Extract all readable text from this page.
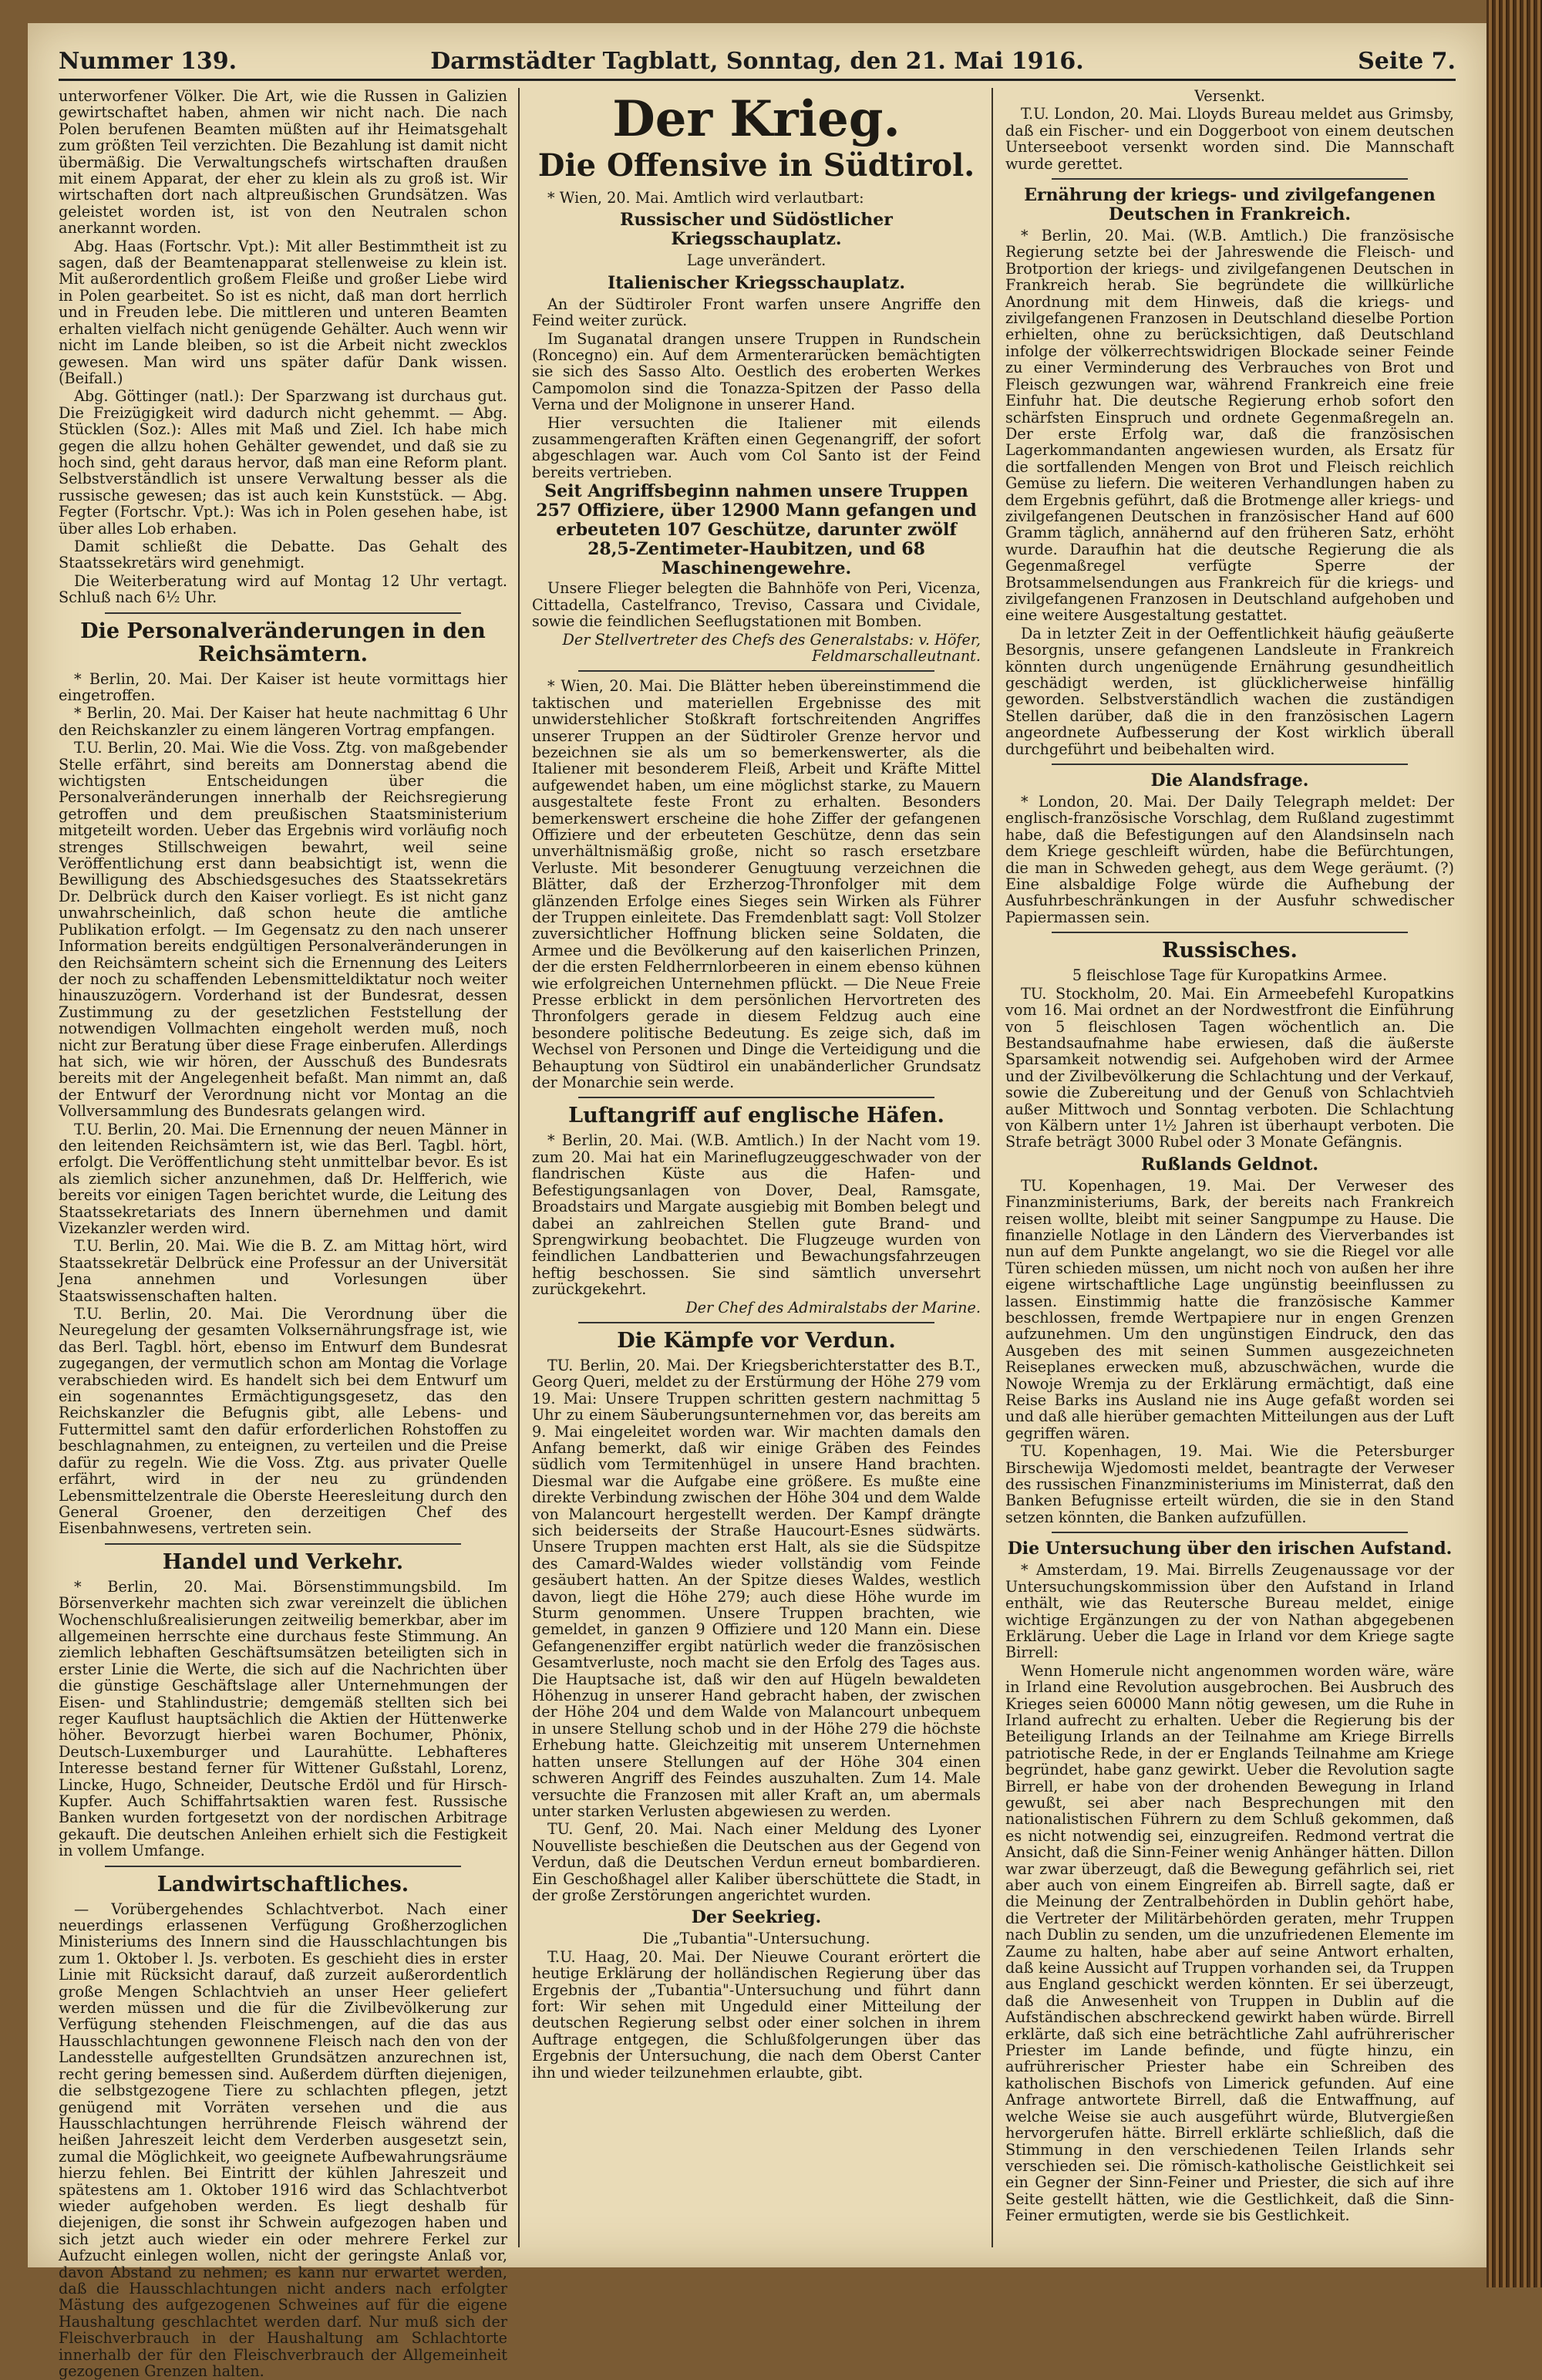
Nummer 139.	Darmstädter Tagblatt, Sonntag, den 21. Mai 1916.	Seite 7.

unterworfener Völker. Die Art, wie die Russen in Galizien gewirtschaftet haben, ahmen wir nicht nach. Die nach Polen berufenen Beamten müßten auf ihr Heimatsgehalt zum größten Teil verzichten. Die Bezahlung ist damit nicht übermäßig. Die Verwaltungschefs wirtschaften draußen mit einem Apparat, der eher zu klein als zu groß ist. Wir wirtschaften dort nach altpreußischen Grundsätzen. Was geleistet worden ist, ist von den Neutralen schon anerkannt worden.

Abg. Haas (Fortschr. Vpt.): Mit aller Bestimmtheit ist zu sagen, daß der Beamtenapparat stellenweise zu klein ist. Mit außerordentlich großem Fleiße und großer Liebe wird in Polen gearbeitet. So ist es nicht, daß man dort herrlich und in Freuden lebe. Die mittleren und unteren Beamten erhalten vielfach nicht genügende Gehälter. Auch wenn wir nicht im Lande bleiben, so ist die Arbeit nicht zwecklos gewesen. Man wird uns später dafür Dank wissen. (Beifall.)

Abg. Göttinger (natl.): Der Sparzwang ist durchaus gut. Die Freizügigkeit wird dadurch nicht gehemmt. — Abg. Stücklen (Soz.): Alles mit Maß und Ziel. Ich habe mich gegen die allzu hohen Gehälter gewendet, und daß sie zu hoch sind, geht daraus hervor, daß man eine Reform plant. Selbstverständlich ist unsere Verwaltung besser als die russische gewesen; das ist auch kein Kunststück. — Abg. Fegter (Fortschr. Vpt.): Was ich in Polen gesehen habe, ist über alles Lob erhaben.

Damit schließt die Debatte. Das Gehalt des Staatssekretärs wird genehmigt.

Die Weiterberatung wird auf Montag 12 Uhr vertagt. Schluß nach 6½ Uhr.

Die Personalveränderungen in den Reichsämtern.

* Berlin, 20. Mai. Der Kaiser ist heute vormittags hier eingetroffen.

* Berlin, 20. Mai. Der Kaiser hat heute nachmittag 6 Uhr den Reichskanzler zu einem längeren Vortrag empfangen.

T.U. Berlin, 20. Mai. Wie die Voss. Ztg. von maßgebender Stelle erfährt, sind bereits am Donnerstag abend die wichtigsten Entscheidungen über die Personalveränderungen innerhalb der Reichsregierung getroffen und dem preußischen Staatsministerium mitgeteilt worden. Ueber das Ergebnis wird vorläufig noch strenges Stillschweigen bewahrt, weil seine Veröffentlichung erst dann beabsichtigt ist, wenn die Bewilligung des Abschiedsgesuches des Staatssekretärs Dr. Delbrück durch den Kaiser vorliegt. Es ist nicht ganz unwahrscheinlich, daß schon heute die amtliche Publikation erfolgt. — Im Gegensatz zu den nach unserer Information bereits endgültigen Personalveränderungen in den Reichsämtern scheint sich die Ernennung des Leiters der noch zu schaffenden Lebensmitteldiktatur noch weiter hinauszuzögern. Vorderhand ist der Bundesrat, dessen Zustimmung zu der gesetzlichen Feststellung der notwendigen Vollmachten eingeholt werden muß, noch nicht zur Beratung über diese Frage einberufen. Allerdings hat sich, wie wir hören, der Ausschuß des Bundesrats bereits mit der Angelegenheit befaßt. Man nimmt an, daß der Entwurf der Verordnung nicht vor Montag an die Vollversammlung des Bundesrats gelangen wird.

T.U. Berlin, 20. Mai. Die Ernennung der neuen Männer in den leitenden Reichsämtern ist, wie das Berl. Tagbl. hört, erfolgt. Die Veröffentlichung steht unmittelbar bevor. Es ist als ziemlich sicher anzunehmen, daß Dr. Helfferich, wie bereits vor einigen Tagen berichtet wurde, die Leitung des Staatssekretariats des Innern übernehmen und damit Vizekanzler werden wird.

T.U. Berlin, 20. Mai. Wie die B. Z. am Mittag hört, wird Staatssekretär Delbrück eine Professur an der Universität Jena annehmen und Vorlesungen über Staatswissenschaften halten.

T.U. Berlin, 20. Mai. Die Verordnung über die Neuregelung der gesamten Volksernährungsfrage ist, wie das Berl. Tagbl. hört, ebenso im Entwurf dem Bundesrat zugegangen, der vermutlich schon am Montag die Vorlage verabschieden wird. Es handelt sich bei dem Entwurf um ein sogenanntes Ermächtigungsgesetz, das den Reichskanzler die Befugnis gibt, alle Lebens- und Futtermittel samt den dafür erforderlichen Rohstoffen zu beschlagnahmen, zu enteignen, zu verteilen und die Preise dafür zu regeln. Wie die Voss. Ztg. aus privater Quelle erfährt, wird in der neu zu gründenden Lebensmittelzentrale die Oberste Heeresleitung durch den General Groener, den derzeitigen Chef des Eisenbahnwesens, vertreten sein.

Handel und Verkehr.

* Berlin, 20. Mai. Börsenstimmungsbild. Im Börsenverkehr machten sich zwar vereinzelt die üblichen Wochenschlußrealisierungen zeitweilig bemerkbar, aber im allgemeinen herrschte eine durchaus feste Stimmung. An ziemlich lebhaften Geschäftsumsätzen beteiligten sich in erster Linie die Werte, die sich auf die Nachrichten über die günstige Geschäftslage aller Unternehmungen der Eisen- und Stahlindustrie; demgemäß stellten sich bei reger Kauflust hauptsächlich die Aktien der Hüttenwerke höher. Bevorzugt hierbei waren Bochumer, Phönix, Deutsch-Luxemburger und Laurahütte. Lebhafteres Interesse bestand ferner für Wittener Gußstahl, Lorenz, Lincke, Hugo, Schneider, Deutsche Erdöl und für Hirsch-Kupfer. Auch Schiffahrtsaktien waren fest. Russische Banken wurden fortgesetzt von der nordischen Arbitrage gekauft. Die deutschen Anleihen erhielt sich die Festigkeit in vollem Umfange.

Landwirtschaftliches.

— Vorübergehendes Schlachtverbot. Nach einer neuerdings erlassenen Verfügung Großherzoglichen Ministeriums des Innern sind die Hausschlachtungen bis zum 1. Oktober l. Js. verboten. Es geschieht dies in erster Linie mit Rücksicht darauf, daß zurzeit außerordentlich große Mengen Schlachtvieh an unser Heer geliefert werden müssen und die für die Zivilbevölkerung zur Verfügung stehenden Fleischmengen, auf die das aus Hausschlachtungen gewonnene Fleisch nach den von der Landesstelle aufgestellten Grundsätzen anzurechnen ist, recht gering bemessen sind. Außerdem dürften diejenigen, die selbstgezogene Tiere zu schlachten pflegen, jetzt genügend mit Vorräten versehen und die aus Hausschlachtungen herrührende Fleisch während der heißen Jahreszeit leicht dem Verderben ausgesetzt sein, zumal die Möglichkeit, wo geeignete Aufbewahrungsräume hierzu fehlen. Bei Eintritt der kühlen Jahreszeit und spätestens am 1. Oktober 1916 wird das Schlachtverbot wieder aufgehoben werden. Es liegt deshalb für diejenigen, die sonst ihr Schwein aufgezogen haben und sich jetzt auch wieder ein oder mehrere Ferkel zur Aufzucht einlegen wollen, nicht der geringste Anlaß vor, davon Abstand zu nehmen; es kann nur erwartet werden, daß die Hausschlachtungen nicht anders nach erfolgter Mästung des aufgezogenen Schweines auf für die eigene Haushaltung geschlachtet werden darf. Nur muß sich der Fleischverbrauch in der Haushaltung am Schlachtorte innerhalb der für den Fleischverbrauch der Allgemeinheit gezogenen Grenzen halten.

Der Krieg.
Die Offensive in Südtirol.

* Wien, 20. Mai. Amtlich wird verlautbart:

Russischer und Südöstlicher Kriegsschauplatz.

Lage unverändert.

Italienischer Kriegsschauplatz.

An der Südtiroler Front warfen unsere Angriffe den Feind weiter zurück.

Im Suganatal drangen unsere Truppen in Rundschein (Roncegno) ein. Auf dem Armenterarücken bemächtigten sie sich des Sasso Alto. Oestlich des eroberten Werkes Campomolon sind die Tonazza-Spitzen der Passo della Verna und der Molignone in unserer Hand.

Hier versuchten die Italiener mit eilends zusammengeraften Kräften einen Gegenangriff, der sofort abgeschlagen war. Auch vom Col Santo ist der Feind bereits vertrieben.

Seit Angriffsbeginn nahmen unsere Truppen 257 Offiziere, über 12900 Mann gefangen und erbeuteten 107 Geschütze, darunter zwölf 28,5-Zentimeter-Haubitzen, und 68 Maschinengewehre.

Unsere Flieger belegten die Bahnhöfe von Peri, Vicenza, Cittadella, Castelfranco, Treviso, Cassara und Cividale, sowie die feindlichen Seeflugstationen mit Bomben.

Der Stellvertreter des Chefs des Generalstabs: v. Höfer, Feldmarschalleutnant.

* Wien, 20. Mai. Die Blätter heben übereinstimmend die taktischen und materiellen Ergebnisse des mit unwiderstehlicher Stoßkraft fortschreitenden Angriffes unserer Truppen an der Südtiroler Grenze hervor und bezeichnen sie als um so bemerkenswerter, als die Italiener mit besonderem Fleiß, Arbeit und Kräfte Mittel aufgewendet haben, um eine möglichst starke, zu Mauern ausgestaltete feste Front zu erhalten. Besonders bemerkenswert erscheine die hohe Ziffer der gefangenen Offiziere und der erbeuteten Geschütze, denn das sein unverhältnismäßig große, nicht so rasch ersetzbare Verluste. Mit besonderer Genugtuung verzeichnen die Blätter, daß der Erzherzog-Thronfolger mit dem glänzenden Erfolge eines Sieges sein Wirken als Führer der Truppen einleitete. Das Fremdenblatt sagt: Voll Stolzer zuversichtlicher Hoffnung blicken seine Soldaten, die Armee und die Bevölkerung auf den kaiserlichen Prinzen, der die ersten Feldherrnlorbeeren in einem ebenso kühnen wie erfolgreichen Unternehmen pflückt. — Die Neue Freie Presse erblickt in dem persönlichen Hervortreten des Thronfolgers gerade in diesem Feldzug auch eine besondere politische Bedeutung. Es zeige sich, daß im Wechsel von Personen und Dinge die Verteidigung und die Behauptung von Südtirol ein unabänderlicher Grundsatz der Monarchie sein werde.

Luftangriff auf englische Häfen.

* Berlin, 20. Mai. (W.B. Amtlich.) In der Nacht vom 19. zum 20. Mai hat ein Marineflugzeuggeschwader von der flandrischen Küste aus die Hafen- und Befestigungsanlagen von Dover, Deal, Ramsgate, Broadstairs und Margate ausgiebig mit Bomben belegt und dabei an zahlreichen Stellen gute Brand- und Sprengwirkung beobachtet. Die Flugzeuge wurden von feindlichen Landbatterien und Bewachungsfahrzeugen heftig beschossen. Sie sind sämtlich unversehrt zurückgekehrt.

Der Chef des Admiralstabs der Marine.

Die Kämpfe vor Verdun.

TU. Berlin, 20. Mai. Der Kriegsberichterstatter des B.T., Georg Queri, meldet zu der Erstürmung der Höhe 279 vom 19. Mai: Unsere Truppen schritten gestern nachmittag 5 Uhr zu einem Säuberungsunternehmen vor, das bereits am 9. Mai eingeleitet worden war. Wir machten damals den Anfang bemerkt, daß wir einige Gräben des Feindes südlich vom Termitenhügel in unsere Hand brachten. Diesmal war die Aufgabe eine größere. Es mußte eine direkte Verbindung zwischen der Höhe 304 und dem Walde von Malancourt hergestellt werden. Der Kampf drängte sich beiderseits der Straße Haucourt-Esnes südwärts. Unsere Truppen machten erst Halt, als sie die Südspitze des Camard-Waldes wieder vollständig vom Feinde gesäubert hatten. An der Spitze dieses Waldes, westlich davon, liegt die Höhe 279; auch diese Höhe wurde im Sturm genommen. Unsere Truppen brachten, wie gemeldet, in ganzen 9 Offiziere und 120 Mann ein. Diese Gefangenenziffer ergibt natürlich weder die französischen Gesamtverluste, noch macht sie den Erfolg des Tages aus. Die Hauptsache ist, daß wir den auf Hügeln bewaldeten Höhenzug in unserer Hand gebracht haben, der zwischen der Höhe 204 und dem Walde von Malancourt unbequem in unsere Stellung schob und in der Höhe 279 die höchste Erhebung hatte. Gleichzeitig mit unserem Unternehmen hatten unsere Stellungen auf der Höhe 304 einen schweren Angriff des Feindes auszuhalten. Zum 14. Male versuchte die Franzosen mit aller Kraft an, um abermals unter starken Verlusten abgewiesen zu werden.

TU. Genf, 20. Mai. Nach einer Meldung des Lyoner Nouvelliste beschießen die Deutschen aus der Gegend von Verdun, daß die Deutschen Verdun erneut bombardieren. Ein Geschoßhagel aller Kaliber überschüttete die Stadt, in der große Zerstörungen angerichtet wurden.

Der Seekrieg.

Die „Tubantia"-Untersuchung.

T.U. Haag, 20. Mai. Der Nieuwe Courant erörtert die heutige Erklärung der holländischen Regierung über das Ergebnis der „Tubantia"-Untersuchung und führt dann fort: Wir sehen mit Ungeduld einer Mitteilung der deutschen Regierung selbst oder einer solchen in ihrem Auftrage entgegen, die Schlußfolgerungen über das Ergebnis der Untersuchung, die nach dem Oberst Canter ihn und wieder teilzunehmen erlaubte, gibt.

Versenkt.

T.U. London, 20. Mai. Lloyds Bureau meldet aus Grimsby, daß ein Fischer- und ein Doggerboot von einem deutschen Unterseeboot versenkt worden sind. Die Mannschaft wurde gerettet.

Ernährung der kriegs- und zivilgefangenen Deutschen in Frankreich.

* Berlin, 20. Mai. (W.B. Amtlich.) Die französische Regierung setzte bei der Jahreswende die Fleisch- und Brotportion der kriegs- und zivilgefangenen Deutschen in Frankreich herab. Sie begründete die willkürliche Anordnung mit dem Hinweis, daß die kriegs- und zivilgefangenen Franzosen in Deutschland dieselbe Portion erhielten, ohne zu berücksichtigen, daß Deutschland infolge der völkerrechtswidrigen Blockade seiner Feinde zu einer Verminderung des Verbrauches von Brot und Fleisch gezwungen war, während Frankreich eine freie Einfuhr hat. Die deutsche Regierung erhob sofort den schärfsten Einspruch und ordnete Gegenmaßregeln an. Der erste Erfolg war, daß die französischen Lagerkommandanten angewiesen wurden, als Ersatz für die sortfallenden Mengen von Brot und Fleisch reichlich Gemüse zu liefern. Die weiteren Verhandlungen haben zu dem Ergebnis geführt, daß die Brotmenge aller kriegs- und zivilgefangenen Deutschen in französischer Hand auf 600 Gramm täglich, annähernd auf den früheren Satz, erhöht wurde. Daraufhin hat die deutsche Regierung die als Gegenmaßregel verfügte Sperre der Brotsammelsendungen aus Frankreich für die kriegs- und zivilgefangenen Franzosen in Deutschland aufgehoben und eine weitere Ausgestaltung gestattet.

Da in letzter Zeit in der Oeffentlichkeit häufig geäußerte Besorgnis, unsere gefangenen Landsleute in Frankreich könnten durch ungenügende Ernährung gesundheitlich geschädigt werden, ist glücklicherweise hinfällig geworden. Selbstverständlich wachen die zuständigen Stellen darüber, daß die in den französischen Lagern angeordnete Aufbesserung der Kost wirklich überall durchgeführt und beibehalten wird.

Die Alandsfrage.

* London, 20. Mai. Der Daily Telegraph meldet: Der englisch-französische Vorschlag, dem Rußland zugestimmt habe, daß die Befestigungen auf den Alandsinseln nach dem Kriege geschleift würden, habe die Befürchtungen, die man in Schweden gehegt, aus dem Wege geräumt. (?) Eine alsbaldige Folge würde die Aufhebung der Ausfuhrbeschränkungen in der Ausfuhr schwedischer Papiermassen sein.

Russisches.

5 fleischlose Tage für Kuropatkins Armee.

TU. Stockholm, 20. Mai. Ein Armeebefehl Kuropatkins vom 16. Mai ordnet an der Nordwestfront die Einführung von 5 fleischlosen Tagen wöchentlich an. Die Bestandsaufnahme habe erwiesen, daß die äußerste Sparsamkeit notwendig sei. Aufgehoben wird der Armee und der Zivilbevölkerung die Schlachtung und der Verkauf, sowie die Zubereitung und der Genuß von Schlachtvieh außer Mittwoch und Sonntag verboten. Die Schlachtung von Kälbern unter 1½ Jahren ist überhaupt verboten. Die Strafe beträgt 3000 Rubel oder 3 Monate Gefängnis.

Rußlands Geldnot.

TU. Kopenhagen, 19. Mai. Der Verweser des Finanzministeriums, Bark, der bereits nach Frankreich reisen wollte, bleibt mit seiner Sangpumpe zu Hause. Die finanzielle Notlage in den Ländern des Vierverbandes ist nun auf dem Punkte angelangt, wo sie die Riegel vor alle Türen schieden müssen, um nicht noch von außen her ihre eigene wirtschaftliche Lage ungünstig beeinflussen zu lassen. Einstimmig hatte die französische Kammer beschlossen, fremde Wertpapiere nur in engen Grenzen aufzunehmen. Um den ungünstigen Eindruck, den das Ausgeben des mit seinen Summen ausgezeichneten Reiseplanes erwecken muß, abzuschwächen, wurde die Nowoje Wremja zu der Erklärung ermächtigt, daß eine Reise Barks ins Ausland nie ins Auge gefaßt worden sei und daß alle hierüber gemachten Mitteilungen aus der Luft gegriffen wären.

TU. Kopenhagen, 19. Mai. Wie die Petersburger Birschewija Wjedomosti meldet, beantragte der Verweser des russischen Finanzministeriums im Ministerrat, daß den Banken Befugnisse erteilt würden, die sie in den Stand setzen könnten, die Banken aufzufüllen.

Die Untersuchung über den irischen Aufstand.

* Amsterdam, 19. Mai. Birrells Zeugenaussage vor der Untersuchungskommission über den Aufstand in Irland enthält, wie das Reutersche Bureau meldet, einige wichtige Ergänzungen zu der von Nathan abgegebenen Erklärung. Ueber die Lage in Irland vor dem Kriege sagte Birrell:

Wenn Homerule nicht angenommen worden wäre, wäre in Irland eine Revolution ausgebrochen. Bei Ausbruch des Krieges seien 60000 Mann nötig gewesen, um die Ruhe in Irland aufrecht zu erhalten. Ueber die Regierung bis der Beteiligung Irlands an der Teilnahme am Kriege Birrells patriotische Rede, in der er Englands Teilnahme am Kriege begründet, habe ganz gewirkt. Ueber die Revolution sagte Birrell, er habe von der drohenden Bewegung in Irland gewußt, sei aber nach Besprechungen mit den nationalistischen Führern zu dem Schluß gekommen, daß es nicht notwendig sei, einzugreifen. Redmond vertrat die Ansicht, daß die Sinn-Feiner wenig Anhänger hätten. Dillon war zwar überzeugt, daß die Bewegung gefährlich sei, riet aber auch von einem Eingreifen ab. Birrell sagte, daß er die Meinung der Zentralbehörden in Dublin gehört habe, die Vertreter der Militärbehörden geraten, mehr Truppen nach Dublin zu senden, um die unzufriedenen Elemente im Zaume zu halten, habe aber auf seine Antwort erhalten, daß keine Aussicht auf Truppen vorhanden sei, da Truppen aus England geschickt werden könnten. Er sei überzeugt, daß die Anwesenheit von Truppen in Dublin auf die Aufständischen abschreckend gewirkt haben würde. Birrell erklärte, daß sich eine beträchtliche Zahl aufrührerischer Priester im Lande befinde, und fügte hinzu, ein aufrührerischer Priester habe ein Schreiben des katholischen Bischofs von Limerick gefunden. Auf eine Anfrage antwortete Birrell, daß die Entwaffnung, auf welche Weise sie auch ausgeführt würde, Blutvergießen hervorgerufen hätte. Birrell erklärte schließlich, daß die Stimmung in den verschiedenen Teilen Irlands sehr verschieden sei. Die römisch-katholische Geistlichkeit sei ein Gegner der Sinn-Feiner und Priester, die sich auf ihre Seite gestellt hätten, wie die Gestlichkeit, daß die Sinn-Feiner ermutigten, werde sie bis Gestlichkeit.
